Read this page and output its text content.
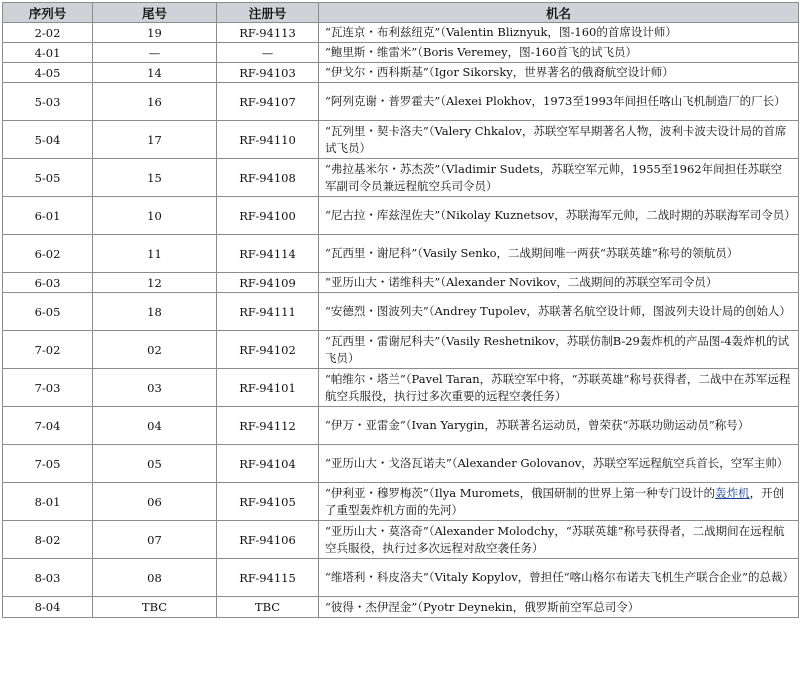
序列号	尾号	注册号	机名
2-02	19	RF-94113	“瓦连京・布利兹纽克”（Valentin Bliznyuk，图-160的首席设计师）
4-01	—	—	“鲍里斯・维雷米”（Boris Veremey，图-160首飞的试飞员）
4-05	14	RF-94103	“伊戈尔・西科斯基”（Igor Sikorsky，世界著名的俄裔航空设计师）
5-03	16	RF-94107	“阿列克谢・普罗霍夫”（Alexei Plokhov，1973至1993年间担任喀山飞机制造厂的厂长）
5-04	17	RF-94110	“瓦列里・契卡洛夫”（Valery Chkalov，苏联空军早期著名人物，波利卡波夫设计局的首席试飞员）
5-05	15	RF-94108	“弗拉基米尔・苏杰茨”（Vladimir Sudets，苏联空军元帅，1955至1962年间担任苏联空军副司令员兼远程航空兵司令员）
6-01	10	RF-94100	“尼古拉・库兹涅佐夫”（Nikolay Kuznetsov，苏联海军元帅，二战时期的苏联海军司令员）
6-02	11	RF-94114	“瓦西里・谢尼科”（Vasily Senko，二战期间唯一两获“苏联英雄”称号的领航员）
6-03	12	RF-94109	“亚历山大・诺维科夫”（Alexander Novikov，二战期间的苏联空军司令员）
6-05	18	RF-94111	“安德烈・图波列夫”（Andrey Tupolev，苏联著名航空设计师，图波列夫设计局的创始人）
7-02	02	RF-94102	“瓦西里・雷谢尼科夫”（Vasily Reshetnikov，苏联仿制B-29轰炸机的产品图-4轰炸机的试飞员）
7-03	03	RF-94101	“帕维尔・塔兰”（Pavel Taran，苏联空军中将，“苏联英雄”称号获得者，二战中在苏军远程航空兵服役，执行过多次重要的远程空袭任务）
7-04	04	RF-94112	“伊万・亚雷金”（Ivan Yarygin，苏联著名运动员，曾荣获“苏联功勋运动员”称号）
7-05	05	RF-94104	“亚历山大・戈洛瓦诺夫”（Alexander Golovanov，苏联空军远程航空兵首长，空军主帅）
8-01	06	RF-94105	“伊利亚・穆罗梅茨”（Ilya Muromets，俄国研制的世界上第一种专门设计的轰炸机，开创了重型轰炸机方面的先河）
8-02	07	RF-94106	“亚历山大・莫洛奇”（Alexander Molodchy，“苏联英雄”称号获得者，二战期间在远程航空兵服役，执行过多次远程对敌空袭任务）
8-03	08	RF-94115	“维塔利・科皮洛夫”（Vitaly Kopylov，曾担任“喀山格尔布诺夫飞机生产联合企业”的总裁）
8-04	TBC	TBC	“彼得・杰伊涅金”（Pyotr Deynekin，俄罗斯前空军总司令）
